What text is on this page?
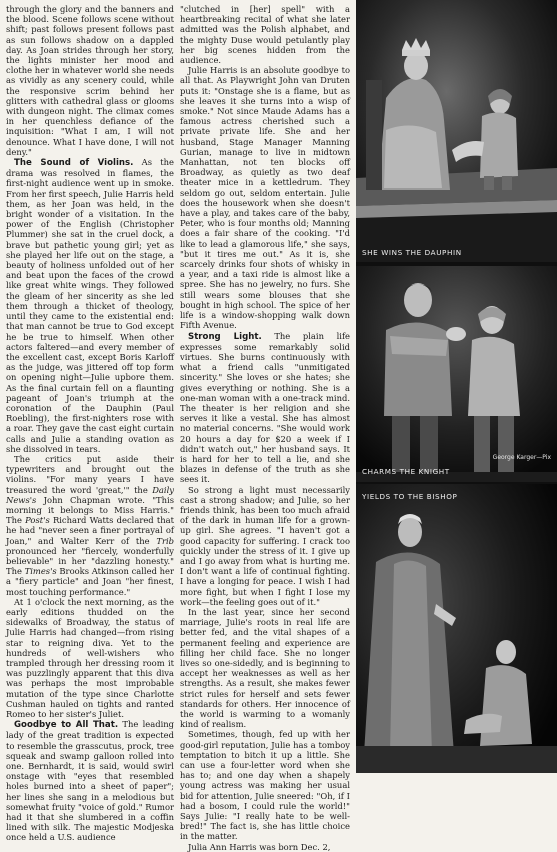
through the glory and the banners and the blood. Scene follows scene without shift; past follows present follows past as sun follows shadow on a dappled day. As Joan strides through her story, the lights minister her mood and clothe her in whatever world she needs as vividly as any scenery could, while the responsive scrim behind her glitters with cathedral glass or glooms with dungeon night. The climax comes in her quenchless defiance of the inquisition: "What I am, I will not denounce. What I have done, I will not deny."

The Sound of Violins. As the drama was resolved in flames, the first-night audience went up in smoke. From her first speech, Julie Harris held them, as her Joan was held, in the bright wonder of a visitation. In the power of the English (Christopher Plummer) she sat in the cruel dock, a brave but pathetic young girl; yet as she played her life out on the stage, a beauty of holiness unfolded out of her and beat upon the faces of the crowd like great white wings. They followed the gleam of her sincerity as she led them through a thicket of theology, until they came to the existential end: that man cannot be true to God except he be true to himself. When other actors faltered—and every member of the excellent cast, except Boris Karloff as the judge, was jittered off top form on opening night—Julie upbore them. As the final curtain fell on a flaunting pageant of Joan's triumph at the coronation of the Dauphin (Paul Roebling), the first-nighters rose with a roar. They gave the cast eight curtain calls and Julie a standing ovation as she dissolved in tears.

The critics put aside their typewriters and brought out the violins. "For many years I have treasured the word 'great,'" the Daily News's John Chapman wrote. "This morning it belongs to Miss Harris." The Post's Richard Watts declared that he had "never seen a finer portrayal of Joan," and Walter Kerr of the Trib pronounced her "fiercely, wonderfully believable" in her "dazzling honesty." The Times's Brooks Atkinson called her a "fiery particle" and Joan "her finest, most touching performance."

At 1 o'clock the next morning, as the early editions thudded on the sidewalks of Broadway, the status of Julie Harris had changed—from rising star to reigning diva. Yet to the hundreds of well-wishers who trampled through her dressing room it was puzzlingly apparent that this diva was perhaps the most improbable mutation of the type since Charlotte Cushman hauled on tights and ranted Romeo to her sister's Juliet.

Goodbye to All That. The leading lady of the great tradition is expected to resemble the grasscutus, prock, tree squeak and swamp galloon rolled into one. Bernhardt, it is said, would swirl onstage with "eyes that resembled holes burned into a sheet of paper"; her lines she sang in a melodious but somewhat fruity "voice of gold." Rumor had it that she slumbered in a coffin lined with silk. The majestic Modjeska once held a U.S. audience

"clutched in [her] spell" with a heartbreaking recital of what she later admitted was the Polish alphabet, and the mighty Duse would petulantly play her big scenes hidden from the audience.

Julie Harris is an absolute goodbye to all that. As Playwright John van Druten puts it: "Onstage she is a flame, but as she leaves it she turns into a wisp of smoke." Not since Maude Adams has a famous actress cherished such a private private life. She and her husband, Stage Manager Manning Gurian, manage to live in midtown Manhattan, not ten blocks off Broadway, as quietly as two deaf theater mice in a kettledrum. They seldom go out, seldom entertain. Julie does the housework when she doesn't have a play, and takes care of the baby, Peter, who is four months old; Manning does a fair share of the cooking. "I'd like to lead a glamorous life," she says, "but it tires me out." As it is, she scarcely drinks four shots of whisky in a year, and a taxi ride is almost like a spree. She has no jewelry, no furs. She still wears some blouses that she bought in high school. The spice of her life is a window-shopping walk down Fifth Avenue.

Strong Light. The plain life expresses some remarkably solid virtues. She burns continuously with what a friend calls "unmitigated sincerity." She loves or she hates; she gives everything or nothing. She is a one-man woman with a one-track mind. The theater is her religion and she serves it like a vestal. She has almost no material concerns. "She would work 20 hours a day for $20 a week if I didn't watch out," her husband says. It is hard for her to tell a lie, and she blazes in defense of the truth as she sees it.

So strong a light must necessarily cast a strong shadow; and Julie, so her friends think, has been too much afraid of the dark in human life for a grown-up girl. She agrees. "I haven't got a good capacity for suffering. I crack too quickly under the stress of it. I give up and I go away from what is hurting me. I don't want a life of continual fighting. I have a longing for peace. I wish I had more fight, but when I fight I lose my work—the feeling goes out of it."

In the last year, since her second marriage, Julie's roots in real life are better fed, and the vital shapes of a permanent feeling and experience are filling her child face. She no longer lives so one-sidedly, and is beginning to accept her weaknesses as well as her strengths. As a result, she makes fewer strict rules for herself and sets fewer standards for others. Her innocence of the world is warming to a womanly kind of realism.

Sometimes, though, fed up with her good-girl reputation, Julie has a tomboy temptation to bitch it up a little. She can use a four-letter word when she has to; and one day when a shapely young actress was making her usual bid for attention, Julie sneered: "Oh, if I had a bosom, I could rule the world!" Says Julie: "I really hate to be well-bred!" The fact is, she has little choice in the matter.

Julia Ann Harris was born Dec. 2,

SHE WINS THE DAUPHIN
George Karger—Pix
CHARMS THE KNIGHT
YIELDS TO THE BISHOP
